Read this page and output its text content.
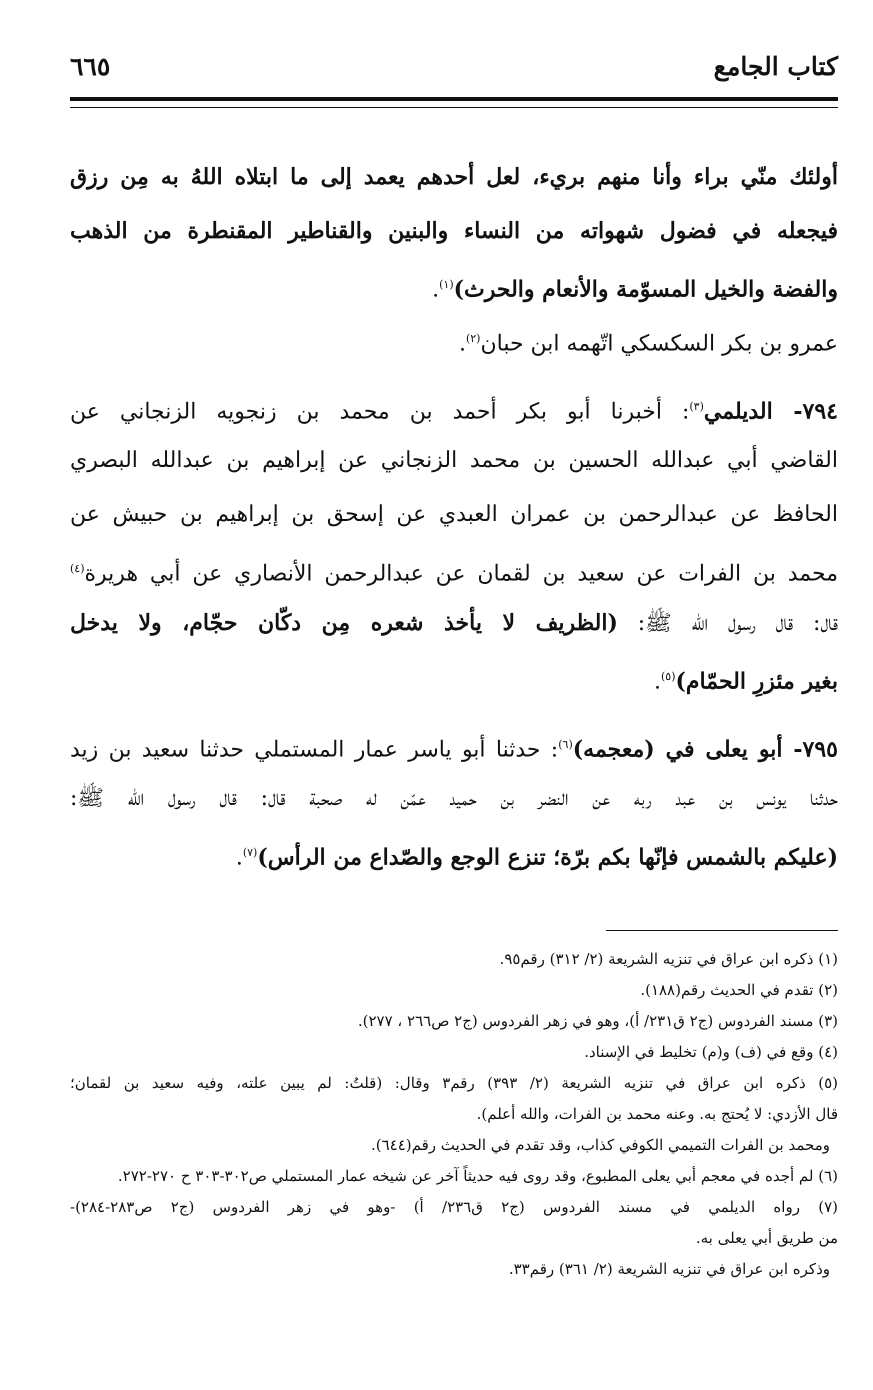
كتاب الجامع
٦٦٥
أولئك منّي براء وأنا منهم بريء، لعل أحدهم يعمد إلى ما ابتلاه اللهُ به مِن رزق
فيجعله في فضول شهواته من النساء والبنين والقناطير المقنطرة من الذهب
والفضة والخيل المسوّمة والأنعام والحرث)$^{(١)}$.
عمرو بن بكر السكسكي اتّهمه ابن حبان$^{(٢)}$.
٧٩٤- الديلمي$^{(٣)}$: أخبرنا أبو بكر أحمد بن محمد بن زنجويه الزنجاني عن
القاضي أبي عبدالله الحسين بن محمد الزنجاني عن إبراهيم بن عبدالله البصري
الحافظ عن عبدالرحمن بن عمران العبدي عن إسحق بن إبراهيم بن حبيش عن
محمد بن الفرات عن سعيد بن لقمان عن عبدالرحمن الأنصاري عن أبي هريرة$^{(٤)}$
قال: قال رسول الله ﷺ: (الظريف لا يأخذ شعره مِن دكّان حجّام، ولا يدخل
بغير مئزرِ الحمّام)$^{(٥)}$.
٧٩٥- أبو يعلى في (معجمه)$^{(٦)}$: حدثنا أبو ياسر عمار المستملي حدثنا سعيد بن زيد
حدثنا يونس بن عبد ربه عن النضر بن حميد عمّن له صحبة قال: قال رسول الله ﷺ:
(عليكم بالشمس فإنّها بكم برّة؛ تنزع الوجع والصّداع من الرأس)$^{(٧)}$.
(١) ذكره ابن عراق في تنزيه الشريعة (٢/ ٣١٢) رقم٩٥.
(٢) تقدم في الحديث رقم(١٨٨).
(٣) مسند الفردوس (ج٢ ق٢٣١/ أ)، وهو في زهر الفردوس (ج٢ ص٢٦٦ ، ٢٧٧).
(٤) وقع في (ف) و(م) تخليط في الإسناد.
(٥) ذكره ابن عراق في تنزيه الشريعة (٢/ ٣٩٣) رقم٣ وقال: (قلتُ: لم يبين علته، وفيه سعيد بن لقمان؛
قال الأزدي: لا يُحتج به. وعنه محمد بن الفرات، والله أعلم).
ومحمد بن الفرات التميمي الكوفي كذاب، وقد تقدم في الحديث رقم(٦٤٤).
(٦) لم أجده في معجم أبي يعلى المطبوع، وقد روى فيه حديثاً آخر عن شيخه عمار المستملي ص٣٠٢-٣٠٣ ح ٢٧٠-٢٧٢.
(٧) رواه الديلمي في مسند الفردوس (ج٢ ق٢٣٦/ أ) -وهو في زهر الفردوس (ج٢ ص٢٨٣-٢٨٤)-
من طريق أبي يعلى به.
وذكره ابن عراق في تنزيه الشريعة (٢/ ٣٦١) رقم٣٣.
